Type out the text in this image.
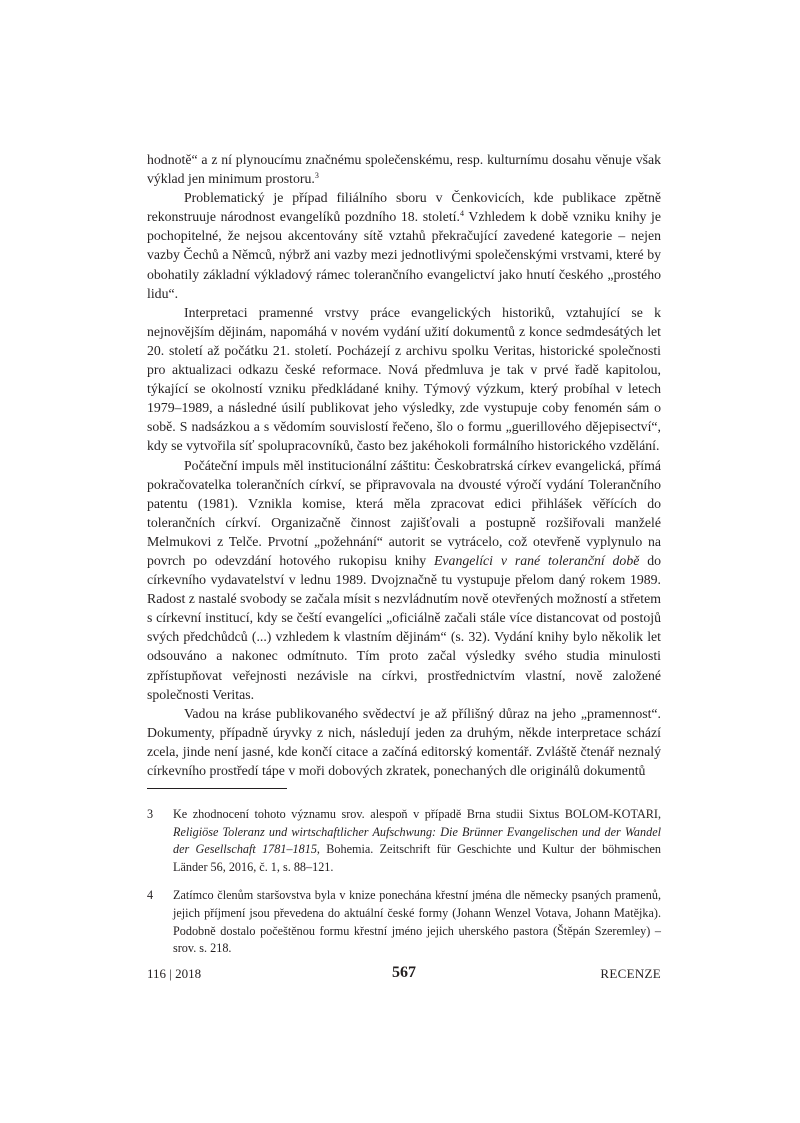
hodnotě“ a z ní plynoucímu značnému společenskému, resp. kulturnímu dosahu věnuje však výklad jen minimum prostoru.$^3$

Problematický je případ filiálního sboru v Čenkovicích, kde publikace zpětně rekonstruuje národnost evangelíků pozdního 18. století.$^4$ Vzhledem k době vzniku knihy je pochopitelné, že nejsou akcentovány sítě vztahů překračující zavedené kategorie – nejen vazby Čechů a Němců, nýbrž ani vazby mezi jednotlivými společenskými vrstvami, které by obohatily základní výkladový rámec tolerančního evangelictví jako hnutí českého „prostého lidu“.

Interpretaci pramenné vrstvy práce evangelických historiků, vztahující se k nejnovějším dějinám, napomáhá v novém vydání užití dokumentů z konce sedmdesátých let 20. století až počátku 21. století. Pocházejí z archivu spolku Veritas, historické společnosti pro aktualizaci odkazu české reformace. Nová předmluva je tak v prvé řadě kapitolou, týkající se okolností vzniku předkládané knihy. Týmový výzkum, který probíhal v letech 1979–1989, a následné úsilí publikovat jeho výsledky, zde vystupuje coby fenomén sám o sobě. S nadsázkou a s vědomím souvislostí řečeno, šlo o formu „guerillového dějepisectví“, kdy se vytvořila síť spolupracovníků, často bez jakéhokoli formálního historického vzdělání.

Počáteční impuls měl institucionální záštitu: Českobratrská církev evangelická, přímá pokračovatelka tolerančních církví, se připravovala na dvousté výročí vydání Tolerančního patentu (1981). Vznikla komise, která měla zpracovat edici přihlášek věřících do tolerančních církví. Organizačně činnost zajišťovali a postupně rozšiřovali manželé Melmukovi z Telče. Prvotní „požehnání“ autorit se vytrácelo, což otevřeně vyplynulo na povrch po odevzdání hotového rukopisu knihy Evangelíci v rané toleranční době do církevního vydavatelství v lednu 1989. Dvojznačně tu vystupuje přelom daný rokem 1989. Radost z nastalé svobody se začala mísit s nezvládnutím nově otevřených možností a střetem s církevní institucí, kdy se čeští evangelíci „oficiálně začali stále více distancovat od postojů svých předchůdců (...) vzhledem k vlastním dějinám“ (s. 32). Vydání knihy bylo několik let odsouváno a nakonec odmítnuto. Tím proto začal výsledky svého studia minulosti zpřístupňovat veřejnosti nezávisle na církvi, prostřednictvím vlastní, nově založené společnosti Veritas.

Vadou na kráse publikovaného svědectví je až přílišný důraz na jeho „pramennost“. Dokumenty, případně úryvky z nich, následují jeden za druhým, někde interpretace schází zcela, jinde není jasné, kde končí citace a začíná editorský komentář. Zvláště čtenář neznalý církevního prostředí tápe v moři dobových zkratek, ponechaných dle originálů dokumentů

3	Ke zhodnocení tohoto významu srov. alespoň v případě Brna studii Sixtus BOLOM-KOTARI, Religiöse Toleranz und wirtschaftlicher Aufschwung: Die Brünner Evangelischen und der Wandel der Gesellschaft 1781–1815, Bohemia. Zeitschrift für Geschichte und Kultur der böhmischen Länder 56, 2016, č. 1, s. 88–121.
4	Zatímco členům staršovstva byla v knize ponechána křestní jména dle německy psaných pramenů, jejich příjmení jsou převedena do aktuální české formy (Johann Wenzel Votava, Johann Matějka). Podobně dostalo počeštěnou formu křestní jméno jejich uherského pastora (Štěpán Szeremley) – srov. s. 218.
116 | 2018	567	RECENZE
